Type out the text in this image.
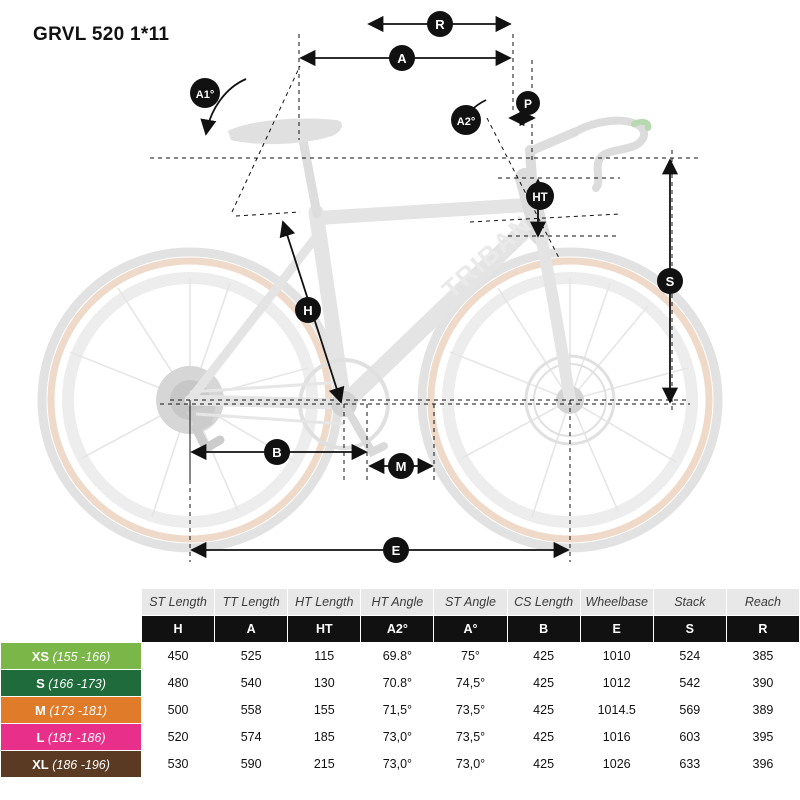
GRVL 520 1*11
TRIBAN
R
A
A1°
A2°
P
HT
S
H
B
M
E
	ST Length	TT Length	HT Length	HT Angle	ST Angle	CS Length	Wheelbase	Stack	Reach
	H	A	HT	A2°	A°	B	E	S	R
XS (155 -166)	450	525	115	69.8°	75°	425	1010	524	385
S (166 -173)	480	540	130	70.8°	74,5°	425	1012	542	390
M (173 -181)	500	558	155	71,5°	73,5°	425	1014.5	569	389
L (181 -186)	520	574	185	73,0°	73,5°	425	1016	603	395
XL (186 -196)	530	590	215	73,0°	73,0°	425	1026	633	396
